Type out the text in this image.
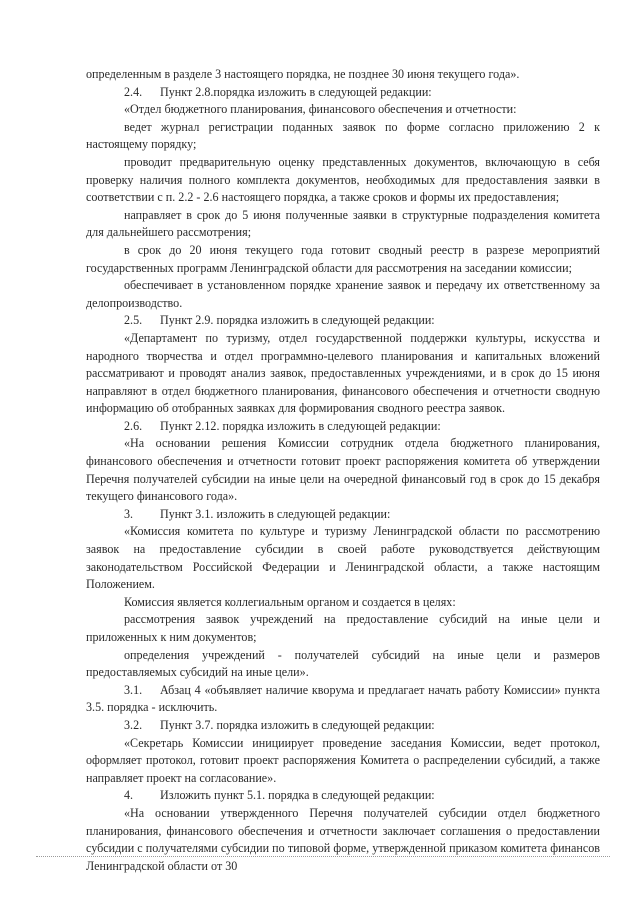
определенным в разделе 3 настоящего порядка, не позднее 30 июня текущего года».

2.4. Пункт 2.8.порядка изложить в следующей редакции:

«Отдел бюджетного планирования, финансового обеспечения и отчетности:

ведет журнал регистрации поданных заявок по форме согласно приложению 2 к настоящему порядку;

проводит предварительную оценку представленных документов, включающую в себя проверку наличия полного комплекта документов, необходимых для предоставления заявки в соответствии с п. 2.2 - 2.6 настоящего порядка, а также сроков и формы их предоставления;

направляет в срок до 5 июня полученные заявки в структурные подразделения комитета для дальнейшего рассмотрения;

в срок до 20 июня текущего года готовит сводный реестр в разрезе мероприятий государственных программ Ленинградской области для рассмотрения на заседании комиссии;

обеспечивает в установленном порядке хранение заявок и передачу их ответственному за делопроизводство.

2.5. Пункт 2.9. порядка изложить в следующей редакции:

«Департамент по туризму, отдел государственной поддержки культуры, искусства и народного творчества и отдел программно-целевого планирования и капитальных вложений рассматривают и проводят анализ заявок, предоставленных учреждениями, и в срок до 15 июня направляют в отдел бюджетного планирования, финансового обеспечения и отчетности сводную информацию об отобранных заявках для формирования сводного реестра заявок.

2.6. Пункт 2.12. порядка изложить в следующей редакции:

«На основании решения Комиссии сотрудник отдела бюджетного планирования, финансового обеспечения и отчетности готовит проект распоряжения комитета об утверждении Перечня получателей субсидии на иные цели на очередной финансовый год в срок до 15 декабря текущего финансового года».

3. Пункт 3.1. изложить в следующей редакции:

«Комиссия комитета по культуре и туризму Ленинградской области по рассмотрению заявок на предоставление субсидии в своей работе руководствуется действующим законодательством Российской Федерации и Ленинградской области, а также настоящим Положением.

Комиссия является коллегиальным органом и создается в целях:

рассмотрения заявок учреждений на предоставление субсидий на иные цели и приложенных к ним документов;

определения учреждений - получателей субсидий на иные цели и размеров предоставляемых субсидий на иные цели».

3.1. Абзац 4 «объявляет наличие кворума и предлагает начать работу Комиссии» пункта 3.5. порядка - исключить.

3.2. Пункт 3.7. порядка изложить в следующей редакции:

«Секретарь Комиссии инициирует проведение заседания Комиссии, ведет протокол, оформляет протокол, готовит проект распоряжения Комитета о распределении субсидий, а также направляет проект на согласование».

4. Изложить пункт 5.1. порядка в следующей редакции:

«На основании утвержденного Перечня получателей субсидии отдел бюджетного планирования, финансового обеспечения и отчетности заключает соглашения о предоставлении субсидии с получателями субсидии по типовой форме, утвержденной приказом комитета финансов Ленинградской области от 30
